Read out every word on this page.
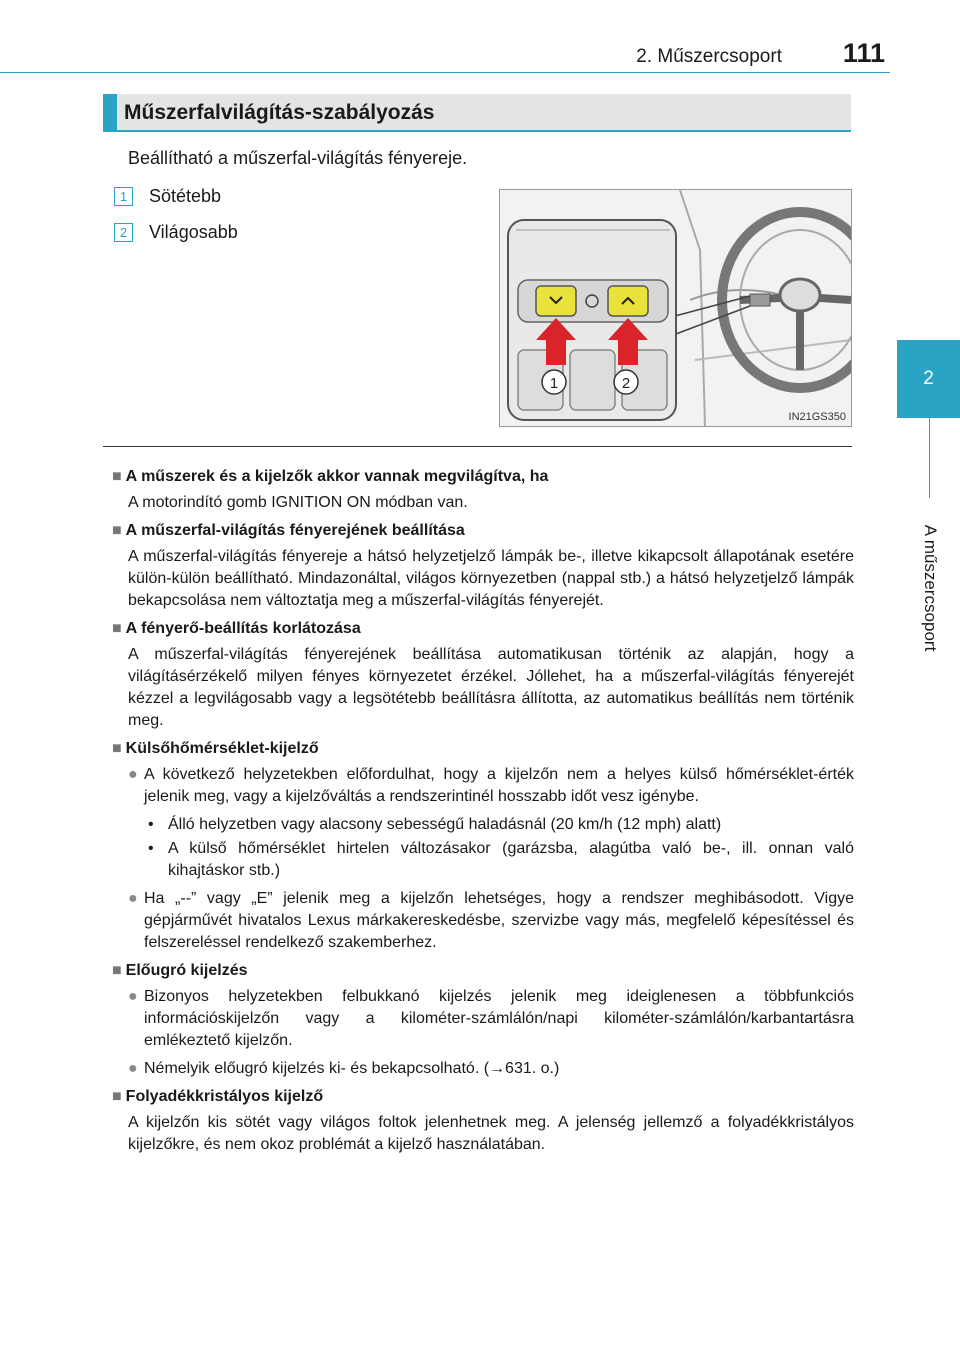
2. Műszercsoport 111
2
A műszercsoport
Műszerfalvilágítás-szabályozás
Beállítható a műszerfal-világítás fényereje.
1	Sötétebb
2	Világosabb
1	2
IN21GS350
■ A műszerek és a kijelzők akkor vannak megvilágítva, ha
A motorindító gomb IGNITION ON módban van.
■ A műszerfal-világítás fényerejének beállítása
A műszerfal-világítás fényereje a hátsó helyzetjelző lámpák be-, illetve kikapcsolt állapotának esetére külön-külön beállítható. Mindazonáltal, világos környezetben (nappal stb.) a hátsó helyzetjelző lámpák bekapcsolása nem változtatja meg a műszerfal-világítás fényerejét.
■ A fényerő-beállítás korlátozása
A műszerfal-világítás fényerejének beállítása automatikusan történik az alapján, hogy a világításérzékelő milyen fényes környezetet érzékel. Jóllehet, ha a műszerfal-világítás fényerejét kézzel a legvilágosabb vagy a legsötétebb beállításra állította, az automatikus beállítás nem történik meg.
■ Külsőhőmérséklet-kijelző
● A következő helyzetekben előfordulhat, hogy a kijelzőn nem a helyes külső hőmérséklet-érték jelenik meg, vagy a kijelzőváltás a rendszerintinél hosszabb időt vesz igénybe.
• Álló helyzetben vagy alacsony sebességű haladásnál (20 km/h (12 mph) alatt)
• A külső hőmérséklet hirtelen változásakor (garázsba, alagútba való be-, ill. onnan való kihajtáskor stb.)
● Ha „--” vagy „E” jelenik meg a kijelzőn lehetséges, hogy a rendszer meghibásodott. Vigye gépjárművét hivatalos Lexus márkakereskedésbe, szervizbe vagy más, megfelelő képesítéssel és felszereléssel rendelkező szakemberhez.
■ Előugró kijelzés
● Bizonyos helyzetekben felbukkanó kijelzés jelenik meg ideiglenesen a többfunkciós információskijelzőn vagy a kilométer-számlálón/napi kilométer-számlálón/karbantartásra emlékeztető kijelzőn.
● Némelyik előugró kijelzés ki- és bekapcsolható. (→631. o.)
■ Folyadékkristályos kijelző
A kijelzőn kis sötét vagy világos foltok jelenhetnek meg. A jelenség jellemző a folyadékkristályos kijelzőkre, és nem okoz problémát a kijelző használatában.
